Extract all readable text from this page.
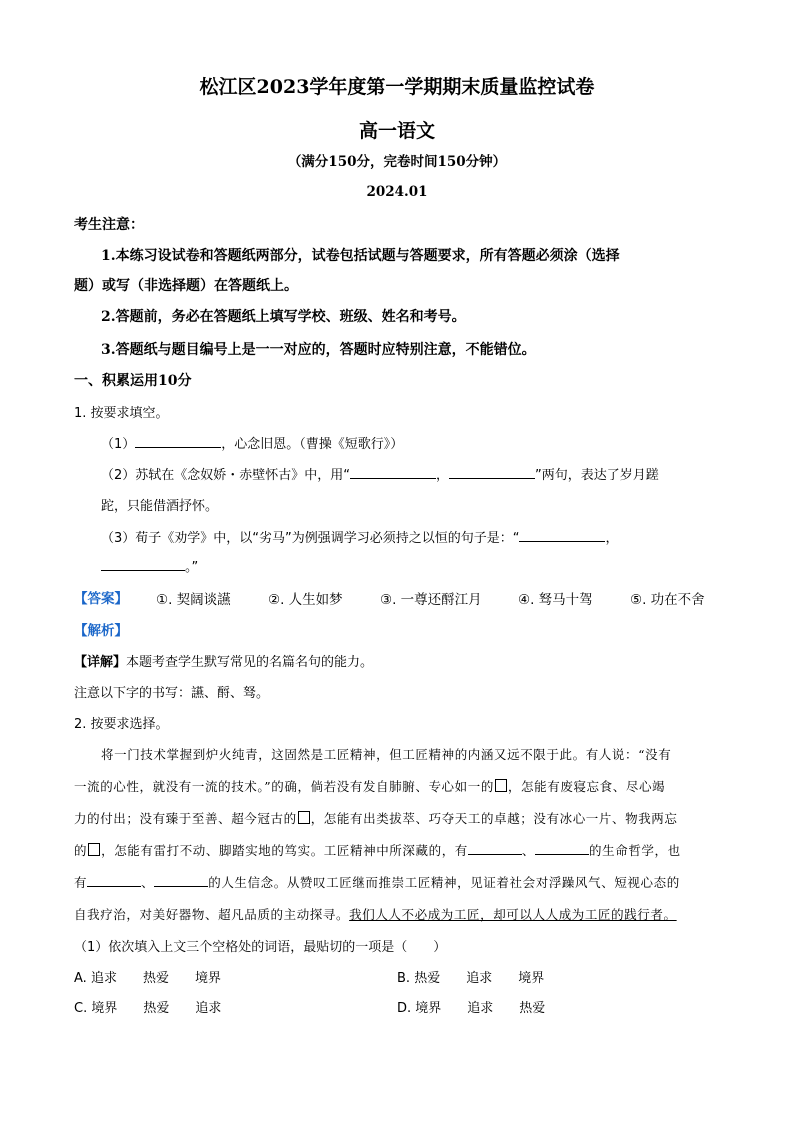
松江区2023学年度第一学期期末质量监控试卷
高一语文
（满分150分，完卷时间150分钟）
2024.01
考生注意：
1.本练习设试卷和答题纸两部分，试卷包括试题与答题要求，所有答题必须涂（选择
题）或写（非选择题）在答题纸上。
2.答题前，务必在答题纸上填写学校、班级、姓名和考号。
3.答题纸与题目编号上是一一对应的，答题时应特别注意，不能错位。
一、积累运用10分
1. 按要求填空。
（1）	，心念旧恩。（曹操《短歌行》）
（2）苏轼在《念奴娇・赤壁怀古》中，用“	，	”两句，表达了岁月蹉
跎，只能借酒抒怀。
（3）荀子《劝学》中，以“劣马”为例强调学习必须持之以恒的句子是：“	，
。”
【答案】 ①. 契阔谈讌	②. 人生如梦	③. 一尊还酹江月	④. 驽马十驾	⑤. 功在不舍
【解析】
【详解】本题考查学生默写常见的名篇名句的能力。
注意以下字的书写：讌、酹、驽。
2. 按要求选择。
将一门技术掌握到炉火纯青，这固然是工匠精神，但工匠精神的内涵又远不限于此。有人说：“没有
一流的心性，就没有一流的技术。”的确，倘若没有发自肺腑、专心如一的 ，怎能有废寝忘食、尽心竭
力的付出；没有臻于至善、超今冠古的 ，怎能有出类拔萃、巧夺天工的卓越；没有冰心一片、物我两忘
的 ，怎能有雷打不动、脚踏实地的笃实。工匠精神中所深藏的，有	、	的生命哲学，也
有	、	的人生信念。从赞叹工匠继而推崇工匠精神，见证着社会对浮躁风气、短视心态的
自我疗治，对美好器物、超凡品质的主动探寻。我们人人不必成为工匠，却可以人人成为工匠的践行者。
（1）依次填入上文三个空格处的词语，最贴切的一项是（　　）
A. 追求　　热爱　　境界	B. 热爱　　追求　　境界
C. 境界　　热爱　　追求	D. 境界　　追求　　热爱
